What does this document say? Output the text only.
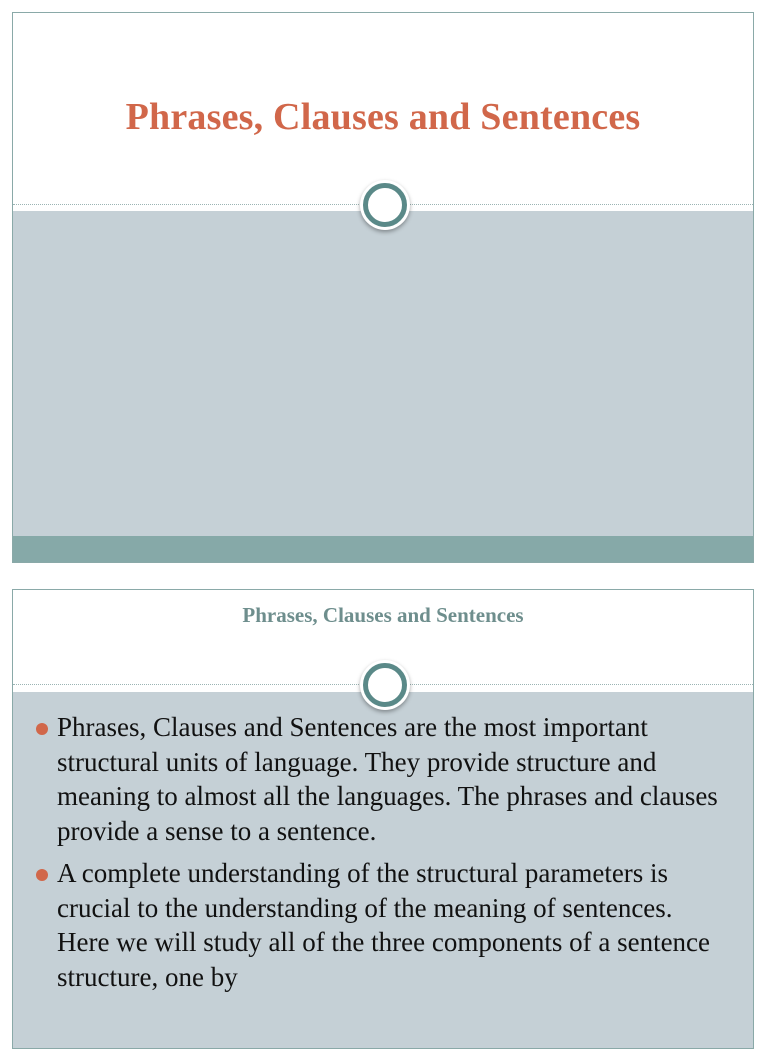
Phrases, Clauses and Sentences
Phrases, Clauses and Sentences
Phrases, Clauses and Sentences are the most important structural units of language. They provide structure and meaning to almost all the languages. The phrases and clauses provide a sense to a sentence.
A complete understanding of the structural parameters is crucial to the understanding of the meaning of sentences. Here we will study all of the three components of a sentence structure, one by
